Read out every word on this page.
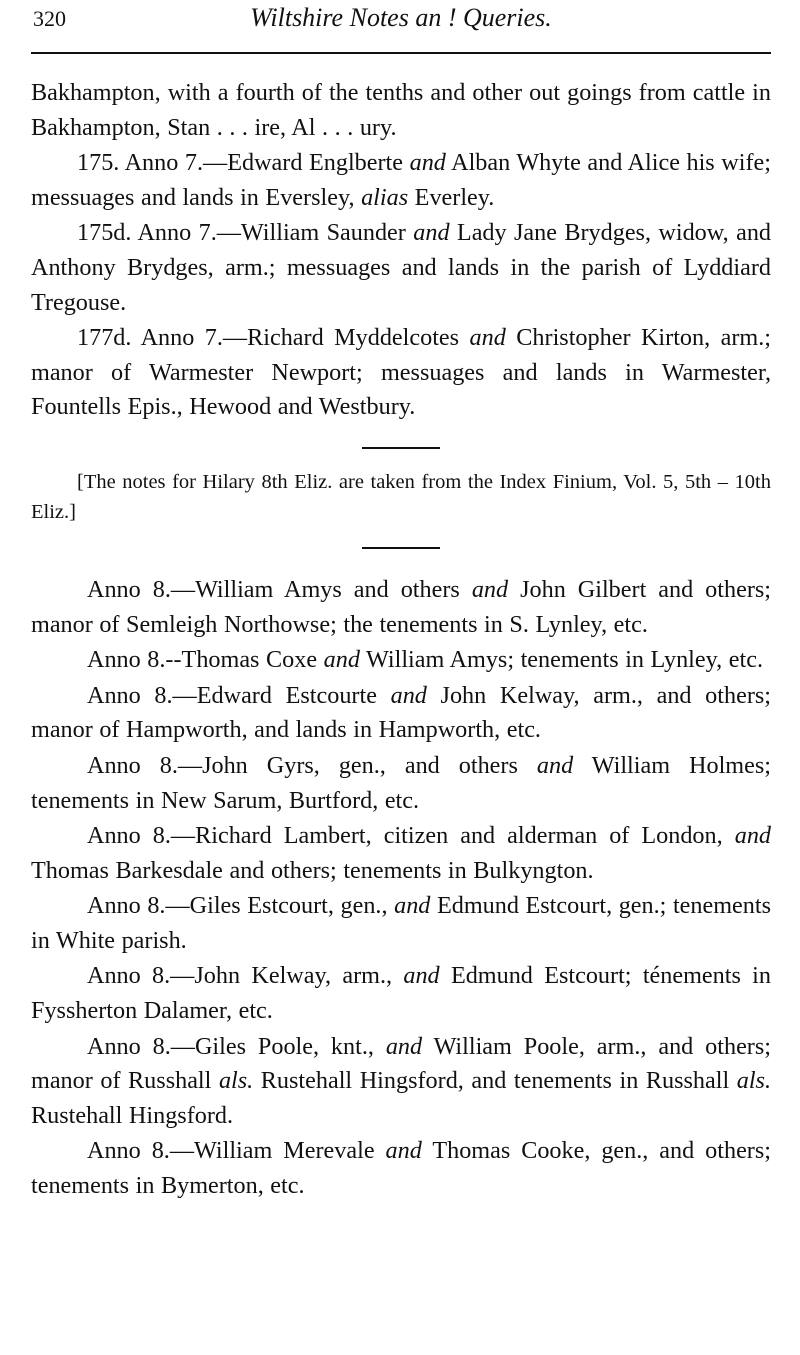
320	Wiltshire Notes an ! Queries.

Bakhampton, with a fourth of the tenths and other out goings from cattle in Bakhampton, Stan . . . ire, Al . . . ury.

175. Anno 7.—Edward Englberte and Alban Whyte and Alice his wife; messuages and lands in Eversley, alias Everley.

175d. Anno 7.—William Saunder and Lady Jane Brydges, widow, and Anthony Brydges, arm.; messuages and lands in the parish of Lyddiard Tregouse.

177d. Anno 7.—Richard Myddelcotes and Christopher Kirton, arm.; manor of Warmester Newport; messuages and lands in Warmester, Fountells Epis., Hewood and Westbury.

[The notes for Hilary 8th Eliz. are taken from the Index Finium, Vol. 5, 5th – 10th Eliz.]

Anno 8.—William Amys and others and John Gilbert and others; manor of Semleigh Northowse; the tenements in S. Lynley, etc.

Anno 8.--Thomas Coxe and William Amys; tenements in Lynley, etc.

Anno 8.—Edward Estcourte and John Kelway, arm., and others; manor of Hampworth, and lands in Hampworth, etc.

Anno 8.—John Gyrs, gen., and others and William Holmes; tenements in New Sarum, Burtford, etc.

Anno 8.—Richard Lambert, citizen and alderman of London, and Thomas Barkesdale and others; tenements in Bulkyngton.

Anno 8.—Giles Estcourt, gen., and Edmund Estcourt, gen.; tenements in White parish.

Anno 8.—John Kelway, arm., and Edmund Estcourt; ténements in Fyssherton Dalamer, etc.

Anno 8.—Giles Poole, knt., and William Poole, arm., and others; manor of Russhall als. Rustehall Hingsford, and tenements in Russhall als. Rustehall Hingsford.

Anno 8.—William Merevale and Thomas Cooke, gen., and others; tenements in Bymerton, etc.
